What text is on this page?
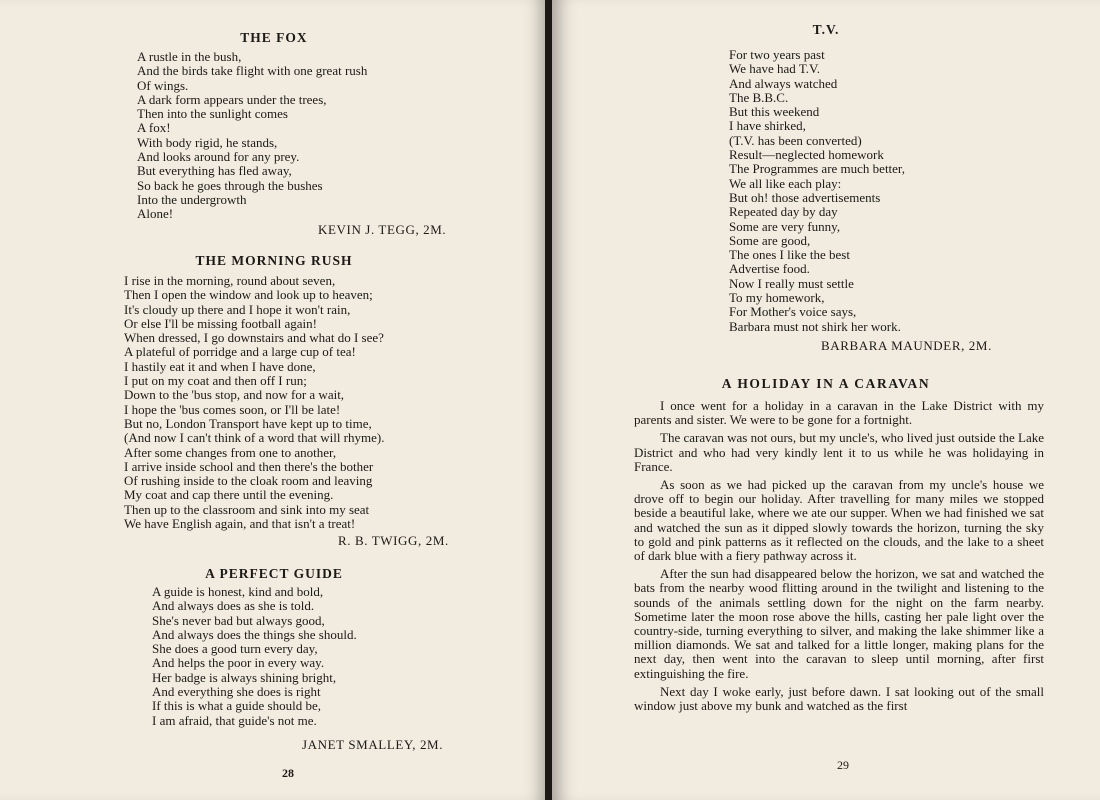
THE FOX
A rustle in the bush,
And the birds take flight with one great rush
Of wings.
A dark form appears under the trees,
Then into the sunlight comes
A fox!
With body rigid, he stands,
And looks around for any prey.
But everything has fled away,
So back he goes through the bushes
Into the undergrowth
Alone!
KEVIN J. TEGG, 2M.
THE MORNING RUSH
I rise in the morning, round about seven,
Then I open the window and look up to heaven;
It's cloudy up there and I hope it won't rain,
Or else I'll be missing football again!
When dressed, I go downstairs and what do I see?
A plateful of porridge and a large cup of tea!
I hastily eat it and when I have done,
I put on my coat and then off I run;
Down to the 'bus stop, and now for a wait,
I hope the 'bus comes soon, or I'll be late!
But no, London Transport have kept up to time,
(And now I can't think of a word that will rhyme).
After some changes from one to another,
I arrive inside school and then there's the bother
Of rushing inside to the cloak room and leaving
My coat and cap there until the evening.
Then up to the classroom and sink into my seat
We have English again, and that isn't a treat!
R. B. TWIGG, 2M.
A PERFECT GUIDE
A guide is honest, kind and bold,
And always does as she is told.
She's never bad but always good,
And always does the things she should.
She does a good turn every day,
And helps the poor in every way.
Her badge is always shining bright,
And everything she does is right
If this is what a guide should be,
I am afraid, that guide's not me.
JANET SMALLEY, 2M.
28
T.V.
For two years past
We have had T.V.
And always watched
The B.B.C.
But this weekend
I have shirked,
(T.V. has been converted)
Result—neglected homework
The Programmes are much better,
We all like each play:
But oh! those advertisements
Repeated day by day
Some are very funny,
Some are good,
The ones I like the best
Advertise food.
Now I really must settle
To my homework,
For Mother's voice says,
Barbara must not shirk her work.
BARBARA MAUNDER, 2M.
A HOLIDAY IN A CARAVAN

I once went for a holiday in a caravan in the Lake District with my parents and sister. We were to be gone for a fortnight.

The caravan was not ours, but my uncle's, who lived just outside the Lake District and who had very kindly lent it to us while he was holidaying in France.

As soon as we had picked up the caravan from my uncle's house we drove off to begin our holiday. After travelling for many miles we stopped beside a beautiful lake, where we ate our supper. When we had finished we sat and watched the sun as it dipped slowly towards the horizon, turning the sky to gold and pink patterns as it reflected on the clouds, and the lake to a sheet of dark blue with a fiery pathway across it.

After the sun had disappeared below the horizon, we sat and watched the bats from the nearby wood flitting around in the twilight and listening to the sounds of the animals settling down for the night on the farm nearby. Sometime later the moon rose above the hills, casting her pale light over the country-side, turning everything to silver, and making the lake shimmer like a million diamonds. We sat and talked for a little longer, making plans for the next day, then went into the caravan to sleep until morning, after first extinguishing the fire.

Next day I woke early, just before dawn. I sat looking out of the small window just above my bunk and watched as the first

29
